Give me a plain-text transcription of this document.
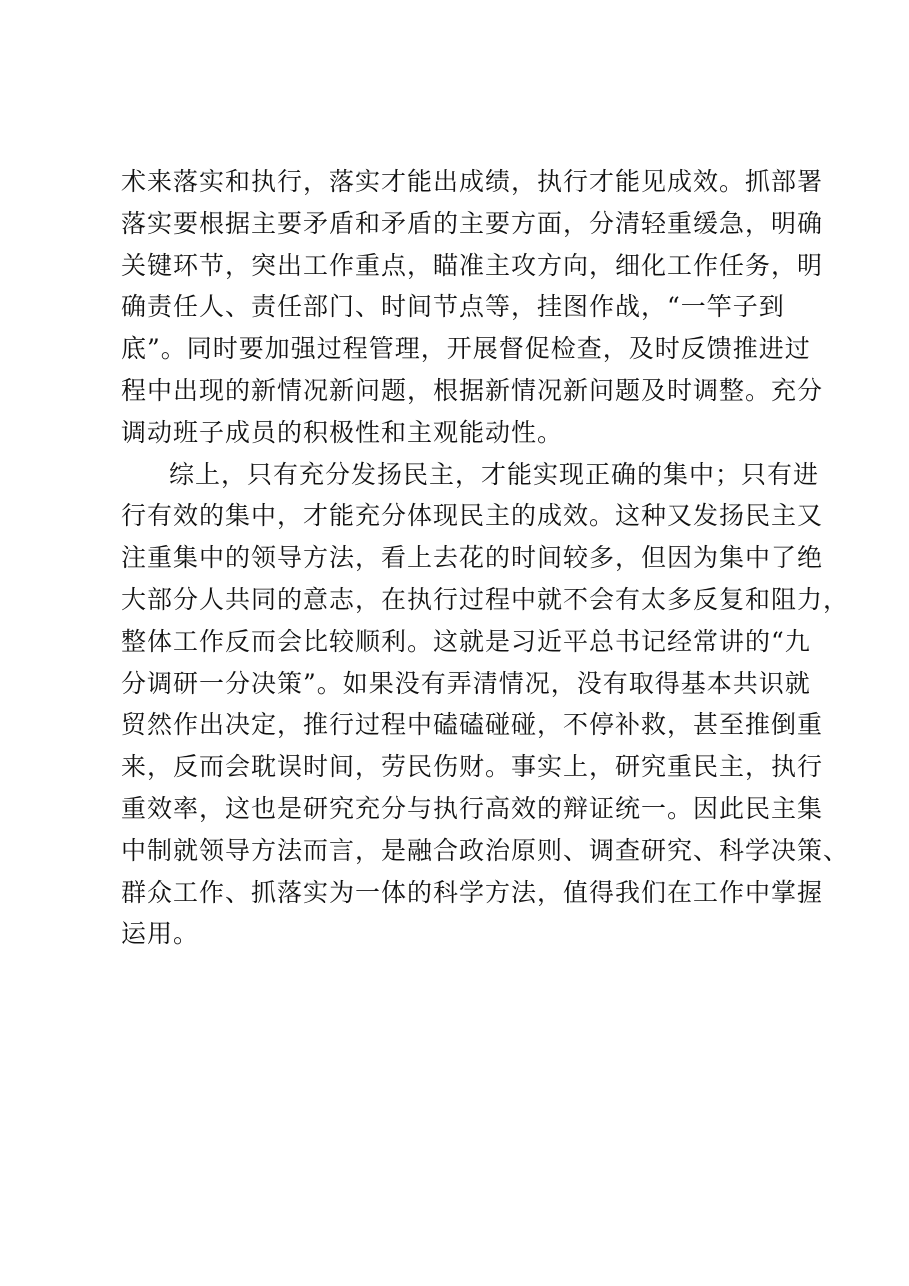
术来落实和执行，落实才能出成绩，执行才能见成效。抓部署
落实要根据主要矛盾和矛盾的主要方面，分清轻重缓急，明确
关键环节，突出工作重点，瞄准主攻方向，细化工作任务，明
确责任人、责任部门、时间节点等，挂图作战，“一竿子到
底”。同时要加强过程管理，开展督促检查，及时反馈推进过
程中出现的新情况新问题，根据新情况新问题及时调整。充分
调动班子成员的积极性和主观能动性。
综上，只有充分发扬民主，才能实现正确的集中；只有进
行有效的集中，才能充分体现民主的成效。这种又发扬民主又
注重集中的领导方法，看上去花的时间较多，但因为集中了绝
大部分人共同的意志，在执行过程中就不会有太多反复和阻力，
整体工作反而会比较顺利。这就是习近平总书记经常讲的“九
分调研一分决策”。如果没有弄清情况，没有取得基本共识就
贸然作出决定，推行过程中磕磕碰碰，不停补救，甚至推倒重
来，反而会耽误时间，劳民伤财。事实上，研究重民主，执行
重效率，这也是研究充分与执行高效的辩证统一。因此民主集
中制就领导方法而言，是融合政治原则、调查研究、科学决策、
群众工作、抓落实为一体的科学方法，值得我们在工作中掌握
运用。
